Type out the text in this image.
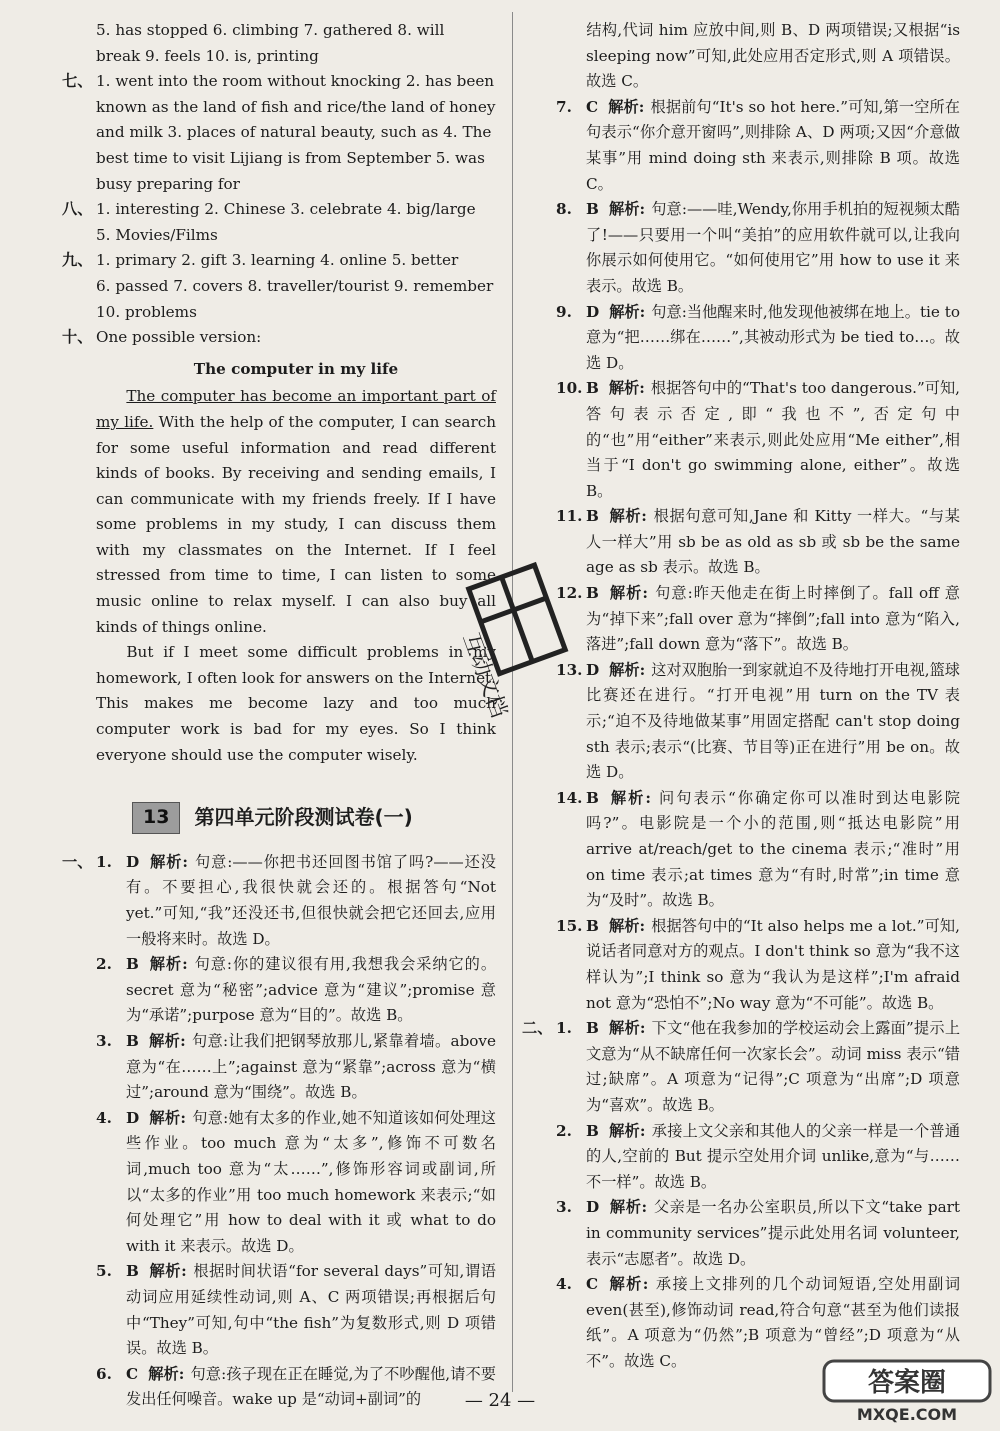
5. has stopped 6. climbing 7. gathered 8. will
break 9. feels 10. is, printing
七、 1. went into the room without knocking 2. has been
known as the land of fish and rice/the land of honey
and milk 3. places of natural beauty, such as 4. The
best time to visit Lijiang is from September 5. was
busy preparing for
八、 1. interesting 2. Chinese 3. celebrate 4. big/large
5. Movies/Films
九、 1. primary 2. gift 3. learning 4. online 5. better
6. passed 7. covers 8. traveller/tourist 9. remember
10. problems
十、 One possible version:
The computer in my life
The computer has become an important part of my life. With the help of the computer, I can search for some useful information and read different kinds of books. By receiving and sending emails, I can communicate with my friends freely. If I have some problems in my study, I can discuss them with my classmates on the Internet. If I feel stressed from time to time, I can listen to some music online to relax myself. I can also buy all kinds of things online.
But if I meet some difficult problems in my homework, I often look for answers on the Internet. This makes me become lazy and too much computer work is bad for my eyes. So I think everyone should use the computer wisely.
13	第四单元阶段测试卷(一)
一、 1. D 解析: 句意:——你把书还回图书馆了吗?——还没有。不要担心,我很快就会还的。根据答句“Not yet.”可知,“我”还没还书,但很快就会把它还回去,应用一般将来时。故选 D。
2. B 解析: 句意:你的建议很有用,我想我会采纳它的。secret 意为“秘密”;advice 意为“建议”;promise 意为“承诺”;purpose 意为“目的”。故选 B。
3. B 解析: 句意:让我们把钢琴放那儿,紧靠着墙。above 意为“在……上”;against 意为“紧靠”;across 意为“横过”;around 意为“围绕”。故选 B。
4. D 解析: 句意:她有太多的作业,她不知道该如何处理这些作业。too much 意为“太多”,修饰不可数名词,much too 意为“太……”,修饰形容词或副词,所以“太多的作业”用 too much homework 来表示;“如何处理它”用 how to deal with it 或 what to do with it 来表示。故选 D。
5. B 解析: 根据时间状语“for several days”可知,谓语动词应用延续性动词,则 A、C 两项错误;再根据后句中“They”可知,句中“the fish”为复数形式,则 D 项错误。故选 B。
6. C 解析: 句意:孩子现在正在睡觉,为了不吵醒他,请不要发出任何噪音。wake up 是“动词+副词”的
结构,代词 him 应放中间,则 B、D 两项错误;又根据“is sleeping now”可知,此处应用否定形式,则 A 项错误。故选 C。
7. C 解析: 根据前句“It's so hot here.”可知,第一空所在句表示“你介意开窗吗”,则排除 A、D 两项;又因“介意做某事”用 mind doing sth 来表示,则排除 B 项。故选 C。
8. B 解析: 句意:——哇,Wendy,你用手机拍的短视频太酷了!——只要用一个叫“美拍”的应用软件就可以,让我向你展示如何使用它。“如何使用它”用 how to use it 来表示。故选 B。
9. D 解析: 句意:当他醒来时,他发现他被绑在地上。tie to 意为“把……绑在……”,其被动形式为 be tied to…。故选 D。
10. B 解析: 根据答句中的“That's too dangerous.”可知,答句表示否定,即“我也不”,否定句中的“也”用“either”来表示,则此处应用“Me either”,相当于“I don't go swimming alone, either”。故选 B。
11. B 解析: 根据句意可知,Jane 和 Kitty 一样大。“与某人一样大”用 sb be as old as sb 或 sb be the same age as sb 表示。故选 B。
12. B 解析: 句意:昨天他走在街上时摔倒了。fall off 意为“掉下来”;fall over 意为“摔倒”;fall into 意为“陷入,落进”;fall down 意为“落下”。故选 B。
13. D 解析: 这对双胞胎一到家就迫不及待地打开电视,篮球比赛还在进行。“打开电视”用 turn on the TV 表示;“迫不及待地做某事”用固定搭配 can't stop doing sth 表示;表示“(比赛、节目等)正在进行”用 be on。故选 D。
14. B 解析: 问句表示“你确定你可以准时到达电影院吗?”。电影院是一个小的范围,则“抵达电影院”用 arrive at/reach/get to the cinema 表示;“准时”用 on time 表示;at times 意为“有时,时常”;in time 意为“及时”。故选 B。
15. B 解析: 根据答句中的“It also helps me a lot.”可知,说话者同意对方的观点。I don't think so 意为“我不这样认为”;I think so 意为“我认为是这样”;I'm afraid not 意为“恐怕不”;No way 意为“不可能”。故选 B。
二、 1. B 解析: 下文“他在我参加的学校运动会上露面”提示上文意为“从不缺席任何一次家长会”。动词 miss 表示“错过;缺席”。A 项意为“记得”;C 项意为“出席”;D 项意为“喜欢”。故选 B。
2. B 解析: 承接上文父亲和其他人的父亲一样是一个普通的人,空前的 But 提示空处用介词 unlike,意为“与……不一样”。故选 B。
3. D 解析: 父亲是一名办公室职员,所以下文“take part in community services”提示此处用名词 volunteer,表示“志愿者”。故选 D。
4. C 解析: 承接上文排列的几个动词短语,空处用副词 even(甚至),修饰动词 read,符合句意“甚至为他们读报纸”。A 项意为“仍然”;B 项意为“曾经”;D 项意为“从不”。故选 C。
互动文档
— 24 —
答案圈
MXQE.COM
